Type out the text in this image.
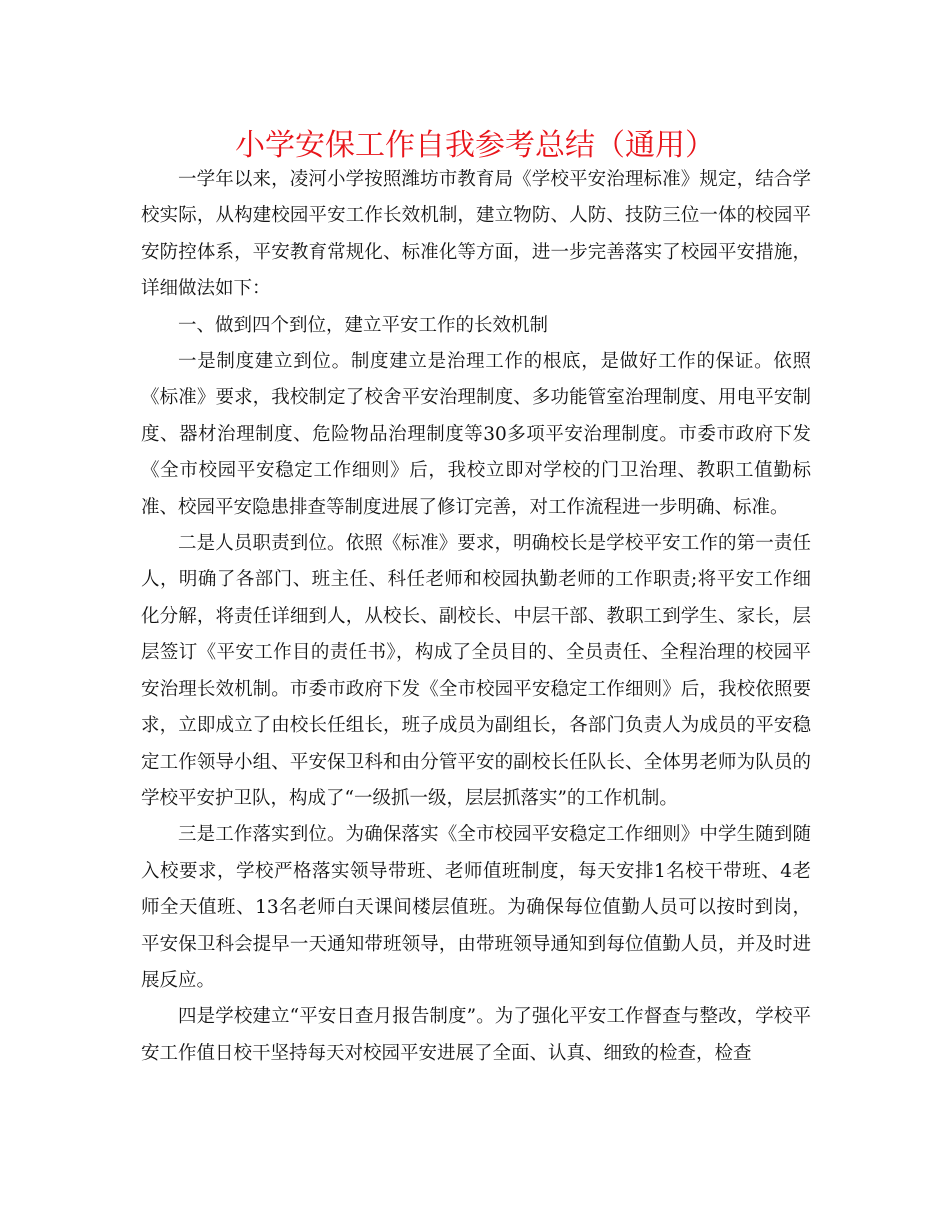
小学安保工作自我参考总结（通用）

一学年以来，凌河小学按照潍坊市教育局《学校平安治理标准》规定，结合学校实际，从构建校园平安工作长效机制，建立物防、人防、技防三位一体的校园平安防控体系，平安教育常规化、标准化等方面，进一步完善落实了校园平安措施，详细做法如下：

一、做到四个到位，建立平安工作的长效机制

一是制度建立到位。制度建立是治理工作的根底，是做好工作的保证。依照《标准》要求，我校制定了校舍平安治理制度、多功能管室治理制度、用电平安制度、器材治理制度、危险物品治理制度等30多项平安治理制度。市委市政府下发《全市校园平安稳定工作细则》后，我校立即对学校的门卫治理、教职工值勤标准、校园平安隐患排查等制度进展了修订完善，对工作流程进一步明确、标准。

二是人员职责到位。依照《标准》要求，明确校长是学校平安工作的第一责任人，明确了各部门、班主任、科任老师和校园执勤老师的工作职责;将平安工作细化分解，将责任详细到人，从校长、副校长、中层干部、教职工到学生、家长，层层签订《平安工作目的责任书》，构成了全员目的、全员责任、全程治理的校园平安治理长效机制。市委市政府下发《全市校园平安稳定工作细则》后，我校依照要求，立即成立了由校长任组长，班子成员为副组长，各部门负责人为成员的平安稳定工作领导小组、平安保卫科和由分管平安的副校长任队长、全体男老师为队员的学校平安护卫队，构成了“一级抓一级，层层抓落实”的工作机制。

三是工作落实到位。为确保落实《全市校园平安稳定工作细则》中学生随到随入校要求，学校严格落实领导带班、老师值班制度，每天安排1名校干带班、4老师全天值班、13名老师白天课间楼层值班。为确保每位值勤人员可以按时到岗，平安保卫科会提早一天通知带班领导，由带班领导通知到每位值勤人员，并及时进展反应。

四是学校建立“平安日查月报告制度”。为了强化平安工作督查与整改，学校平安工作值日校干坚持每天对校园平安进展了全面、认真、细致的检查，检查
